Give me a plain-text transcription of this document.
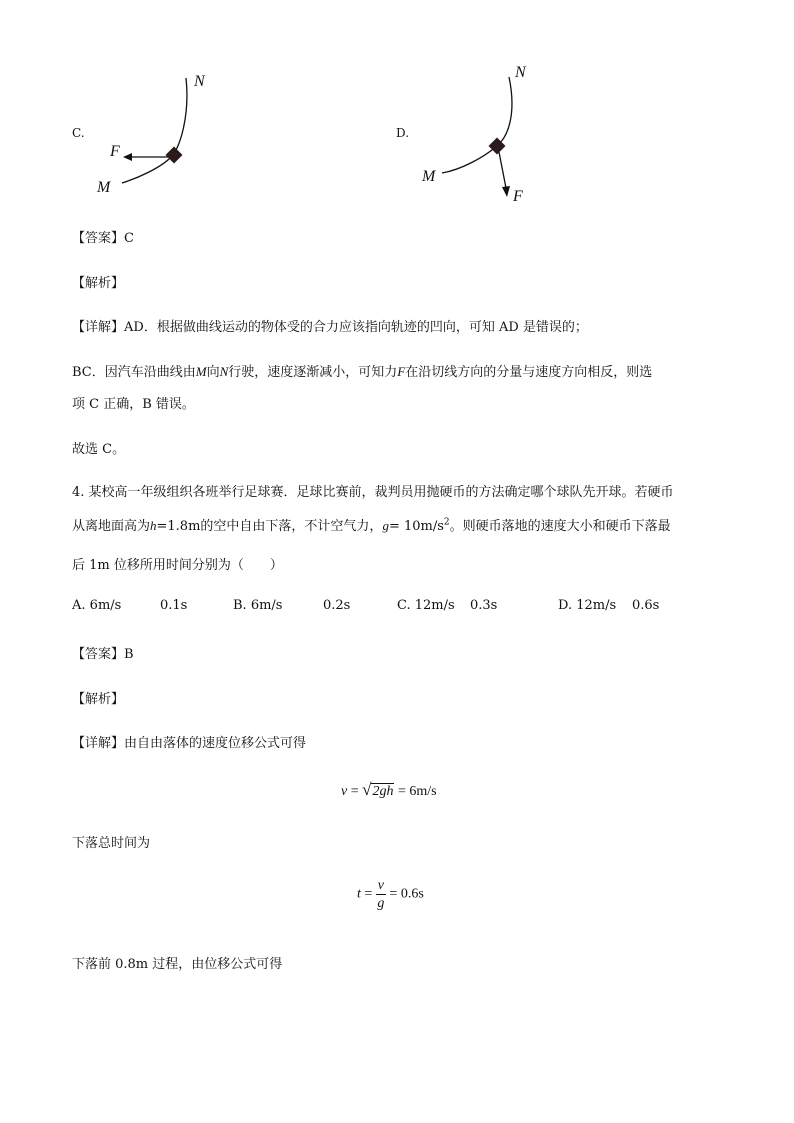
C.
N
F
M
D.
N
F
M
【答案】C
【解析】
【详解】AD．根据做曲线运动的物体受的合力应该指向轨迹的凹向，可知 AD 是错误的；
BC．因汽车沿曲线由M向N行驶，速度逐渐减小，可知力F在沿切线方向的分量与速度方向相反，则选
项 C 正确，B 错误。
故选 C。
4. 某校高一年级组织各班举行足球赛．足球比赛前，裁判员用抛硬币的方法确定哪个球队先开球。若硬币
从离地面高为h=1.8m的空中自由下落，不计空气力，$g= 10m/s^2$。则硬币落地的速度大小和硬币下落最
后 1m 位移所用时间分别为（　　）
A. 6m/s	0.1s	B. 6m/s	0.2s	C. 12m/s 0.3s	D. 12m/s 0.6s
【答案】B
【解析】
【详解】由自由落体的速度位移公式可得
v = √2gh = 6m/s
下落总时间为
$t = \frac{v}{g} = 0.6s$
下落前 0.8m 过程，由位移公式可得
